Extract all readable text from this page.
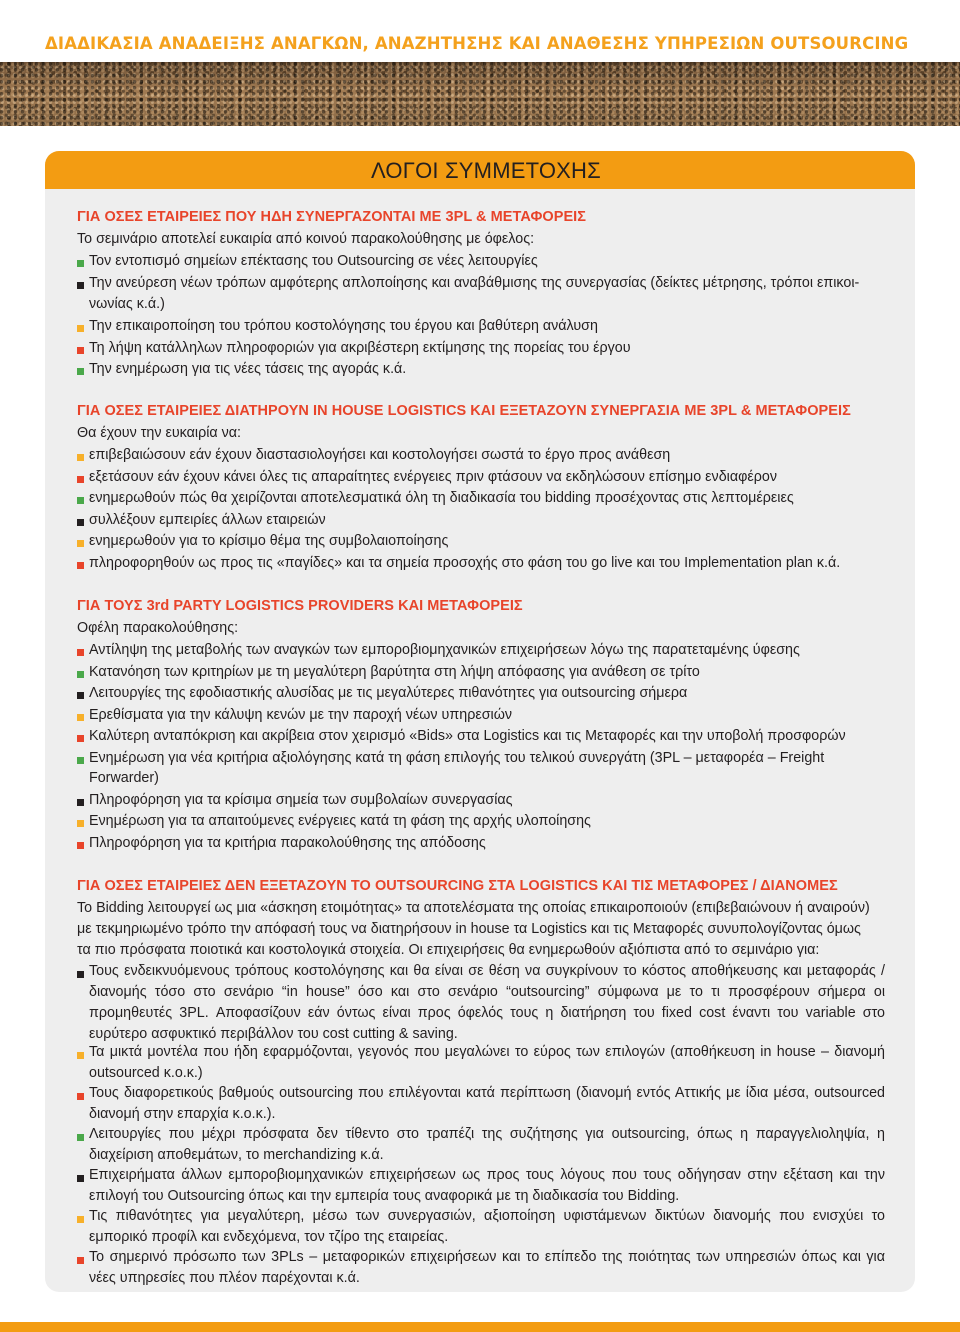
ΔΙΑΔΙΚΑΣΙΑ ΑΝΑΔΕΙΞΗΣ ΑΝΑΓΚΩΝ, ΑΝΑΖΗΤΗΣΗΣ ΚΑΙ ΑΝΑΘΕΣΗΣ ΥΠΗΡΕΣΙΩΝ OUTSOURCING
ΛΟΓΟΙ ΣΥΜΜΕΤΟΧΗΣ
ΓΙΑ ΟΣΕΣ ΕΤΑΙΡΕΙΕΣ ΠΟΥ ΗΔΗ ΣΥΝΕΡΓΑΖΟΝΤΑΙ ΜΕ 3PL & ΜΕΤΑΦΟΡΕΙΣ
Το σεμινάριο αποτελεί ευκαιρία από κοινού παρακολούθησης με όφελος:
Τον εντοπισμό σημείων επέκτασης του Outsourcing σε νέες λειτουργίες
Την ανεύρεση νέων τρόπων αμφότερης απλοποίησης και αναβάθμισης της συνεργασίας (δείκτες μέτρησης, τρόποι επικοι-
νωνίας κ.ά.)
Την επικαιροποίηση του τρόπου κοστολόγησης του έργου και βαθύτερη ανάλυση
Τη λήψη κατάλληλων πληροφοριών για ακριβέστερη εκτίμησης της πορείας του έργου
Την ενημέρωση για τις νέες τάσεις της αγοράς κ.ά.
ΓΙΑ ΟΣΕΣ ΕΤΑΙΡΕΙΕΣ ΔΙΑΤΗΡΟΥΝ IN HOUSE LOGISTICS ΚΑΙ ΕΞΕΤΑΖΟΥΝ ΣΥΝΕΡΓΑΣΙΑ ΜΕ 3PL & ΜΕΤΑΦΟΡΕΙΣ
Θα έχουν την ευκαιρία να:
επιβεβαιώσουν εάν έχουν διαστασιολογήσει και κοστολογήσει σωστά το έργο προς ανάθεση
εξετάσουν εάν έχουν κάνει όλες τις απαραίτητες ενέργειες πριν φτάσουν να εκδηλώσουν επίσημο ενδιαφέρον
ενημερωθούν πώς θα χειρίζονται αποτελεσματικά όλη τη διαδικασία του bidding προσέχοντας στις λεπτομέρειες
συλλέξουν εμπειρίες άλλων εταιρειών
ενημερωθούν για το κρίσιμο θέμα της συμβολαιοποίησης
πληροφορηθούν ως προς τις «παγίδες» και τα σημεία προσοχής στο φάση του go live και του Implementation plan κ.ά.
ΓΙΑ ΤΟΥΣ 3rd PARTY LOGISTICS PROVIDERS ΚΑΙ ΜΕΤΑΦΟΡΕΙΣ
Οφέλη παρακολούθησης:
Αντίληψη της μεταβολής των αναγκών των εμπορoβιομηχανικών επιχειρήσεων λόγω της παρατεταμένης ύφεσης
Κατανόηση των κριτηρίων με τη μεγαλύτερη βαρύτητα στη λήψη απόφασης για ανάθεση σε τρίτο
Λειτουργίες της εφοδιαστικής αλυσίδας με τις μεγαλύτερες πιθανότητες για outsourcing σήμερα
Ερεθίσματα για την κάλυψη κενών με την παροχή νέων υπηρεσιών
Καλύτερη ανταπόκριση και ακρίβεια στον χειρισμό «Bids» στα Logistics και τις Μεταφορές και την υποβολή προσφορών
Ενημέρωση για νέα κριτήρια αξιολόγησης κατά τη φάση επιλογής του τελικού συνεργάτη (3PL – μεταφορέα – Freight
Forwarder)
Πληροφόρηση για τα κρίσιμα σημεία των συμβολαίων συνεργασίας
Ενημέρωση για τα απαιτούμενες ενέργειες κατά τη φάση της αρχής υλοποίησης
Πληροφόρηση για τα κριτήρια παρακολούθησης της απόδοσης
ΓΙΑ ΟΣΕΣ ΕΤΑΙΡΕΙΕΣ ΔΕΝ ΕΞΕΤΑΖΟΥΝ ΤΟ OUTSOURCING ΣΤΑ LOGISTICS ΚΑΙ ΤΙΣ ΜΕΤΑΦΟΡΕΣ / ΔΙΑΝΟΜΕΣ
Το Bidding λειτουργεί ως μια «άσκηση ετοιμότητας» τα αποτελέσματα της οποίας επικαιροποιούν (επιβεβαιώνουν ή αναιρούν)
με τεκμηριωμένο τρόπο την απόφασή τους να διατηρήσουν in house τα Logistics και τις Μεταφορές συνυπολογίζοντας όμως
τα πιο πρόσφατα ποιοτικά και κοστολογικά στοιχεία. Οι επιχειρήσεις θα ενημερωθούν αξιόπιστα από το σεμινάριο για:
Τους ενδεικνυόμενους τρόπους κοστολόγησης και θα είναι σε θέση να συγκρίνουν το κόστος αποθήκευσης και μεταφοράς / διανομής τόσο στο σενάριο “in house” όσο και στο σενάριο “outsourcing” σύμφωνα με το τι προσφέρουν σήμερα οι προμηθευτές 3PL. Αποφασίζουν εάν όντως είναι προς όφελός τους η διατήρηση του fixed cost έναντι του variable στο ευρύτερο ασφυκτικό περιβάλλον του cost cutting & saving.
Τα μικτά μοντέλα που ήδη εφαρμόζονται, γεγονός που μεγαλώνει το εύρος των επιλογών (αποθήκευση in house – διανομή outsourced κ.ο.κ.)
Τους διαφορετικούς βαθμούς outsourcing που επιλέγονται κατά περίπτωση (διανομή εντός Αττικής με ίδια μέσα, outsourced διανομή στην επαρχία κ.ο.κ.).
Λειτουργίες που μέχρι πρόσφατα δεν τίθεντο στο τραπέζι της συζήτησης για outsourcing, όπως η παραγγελιοληψία, η διαχείριση αποθεμάτων, το merchandizing κ.ά.
Επιχειρήματα άλλων εμπορoβιομηχανικών επιχειρήσεων ως προς τους λόγους που τους οδήγησαν στην εξέταση και την επιλογή του Outsourcing όπως και την εμπειρία τους αναφορικά με τη διαδικασία του Bidding.
Τις πιθανότητες για μεγαλύτερη, μέσω των συνεργασιών, αξιοποίηση υφιστάμενων δικτύων διανομής που ενισχύει το εμπορικό προφίλ και ενδεχόμενα, τον τζίρο της εταιρείας.
Το σημερινό πρόσωπο των 3PLs – μεταφορικών επιχειρήσεων και το επίπεδο της ποιότητας των υπηρεσιών όπως και για νέες υπηρεσίες που πλέον παρέχονται κ.ά.
